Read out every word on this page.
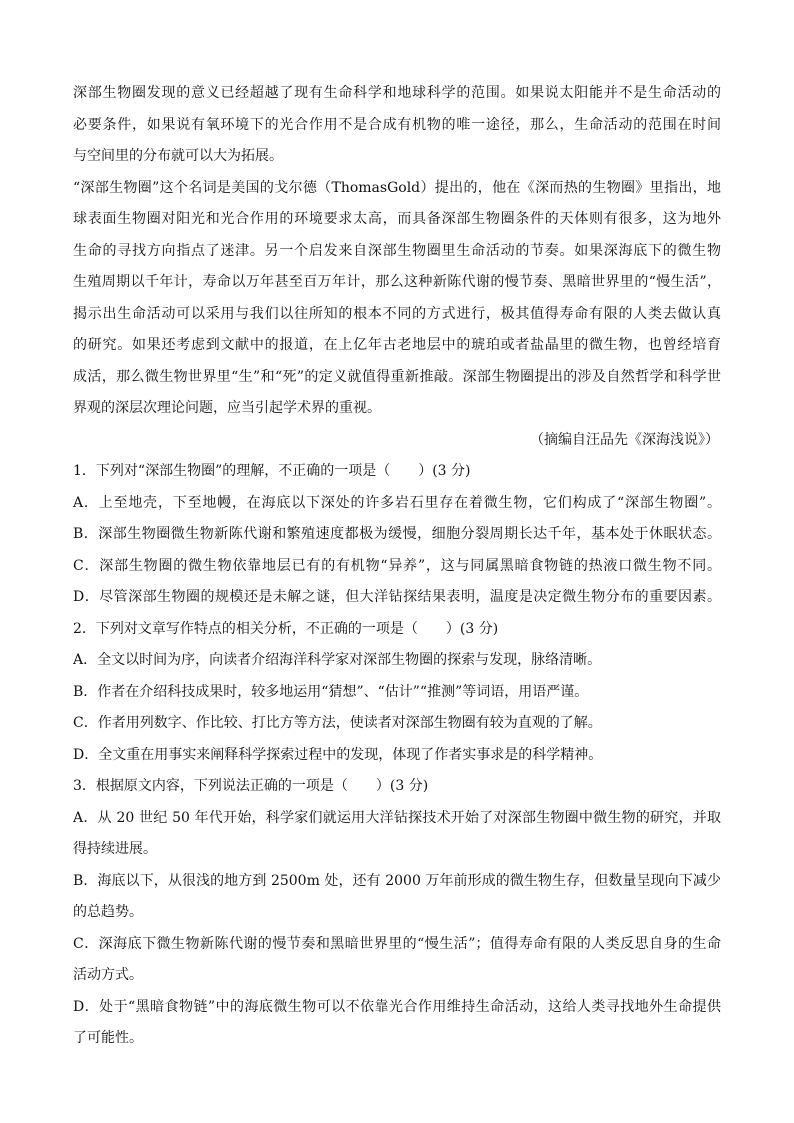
深部生物圈发现的意义已经超越了现有生命科学和地球科学的范围。如果说太阳能并不是生命活动的
必要条件，如果说有氧环境下的光合作用不是合成有机物的唯一途径，那么，生命活动的范围在时间
与空间里的分布就可以大为拓展。
“深部生物圈”这个名词是美国的戈尔德（ThomasGold）提出的，他在《深而热的生物圈》里指出，地
球表面生物圈对阳光和光合作用的环境要求太高，而具备深部生物圈条件的天体则有很多，这为地外
生命的寻找方向指点了迷津。另一个启发来自深部生物圈里生命活动的节奏。如果深海底下的微生物
生殖周期以千年计，寿命以万年甚至百万年计，那么这种新陈代谢的慢节奏、黑暗世界里的“慢生活”，
揭示出生命活动可以采用与我们以往所知的根本不同的方式进行，极其值得寿命有限的人类去做认真
的研究。如果还考虑到文献中的报道，在上亿年古老地层中的琥珀或者盐晶里的微生物，也曾经培育
成活，那么微生物世界里“生”和“死”的定义就值得重新推敲。深部生物圈提出的涉及自然哲学和科学世
界观的深层次理论问题，应当引起学术界的重视。
（摘编自汪品先《深海浅说》）
1．下列对“深部生物圈”的理解，不正确的一项是（　　）(3 分)
A．上至地壳，下至地幔，在海底以下深处的许多岩石里存在着微生物，它们构成了“深部生物圈”。
B．深部生物圈微生物新陈代谢和繁殖速度都极为缓慢，细胞分裂周期长达千年，基本处于休眠状态。
C．深部生物圈的微生物依靠地层已有的有机物“异养”，这与同属黑暗食物链的热液口微生物不同。
D．尽管深部生物圈的规模还是未解之谜，但大洋钻探结果表明，温度是决定微生物分布的重要因素。
2．下列对文章写作特点的相关分析，不正确的一项是（　　）(3 分)
A．全文以时间为序，向读者介绍海洋科学家对深部生物圈的探索与发现，脉络清晰。
B．作者在介绍科技成果时，较多地运用“猜想”、“估计”“推测”等词语，用语严谨。
C．作者用列数字、作比较、打比方等方法，使读者对深部生物圈有较为直观的了解。
D．全文重在用事实来阐释科学探索过程中的发现，体现了作者实事求是的科学精神。
3．根据原文内容，下列说法正确的一项是（　　）(3 分)
A．从 20 世纪 50 年代开始，科学家们就运用大洋钻探技术开始了对深部生物圈中微生物的研究，并取
得持续进展。
B．海底以下，从很浅的地方到 2500m 处，还有 2000 万年前形成的微生物生存，但数量呈现向下减少
的总趋势。
C．深海底下微生物新陈代谢的慢节奏和黑暗世界里的“慢生活”；值得寿命有限的人类反思自身的生命
活动方式。
D．处于“黑暗食物链”中的海底微生物可以不依靠光合作用维持生命活动，这给人类寻找地外生命提供
了可能性。
